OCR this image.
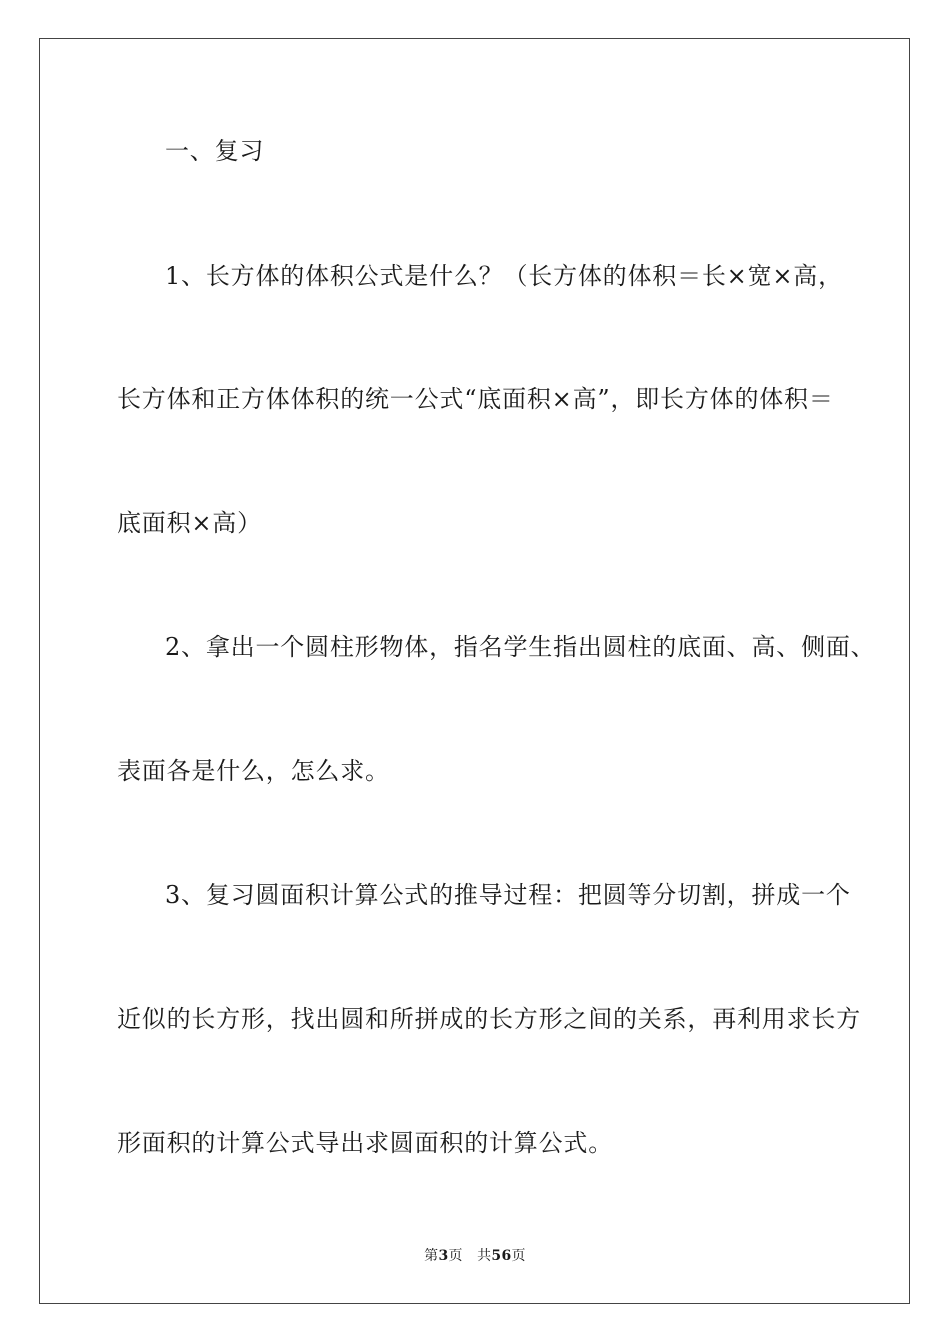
一、复习
1、长方体的体积公式是什么？（长方体的体积＝长×宽×高，
长方体和正方体体积的统一公式“底面积×高”，即长方体的体积＝
底面积×高）
2、拿出一个圆柱形物体，指名学生指出圆柱的底面、高、侧面、
表面各是什么，怎么求。
3、复习圆面积计算公式的推导过程：把圆等分切割，拼成一个
近似的长方形，找出圆和所拼成的长方形之间的关系，再利用求长方
形面积的计算公式导出求圆面积的计算公式。
第3页 共56页
